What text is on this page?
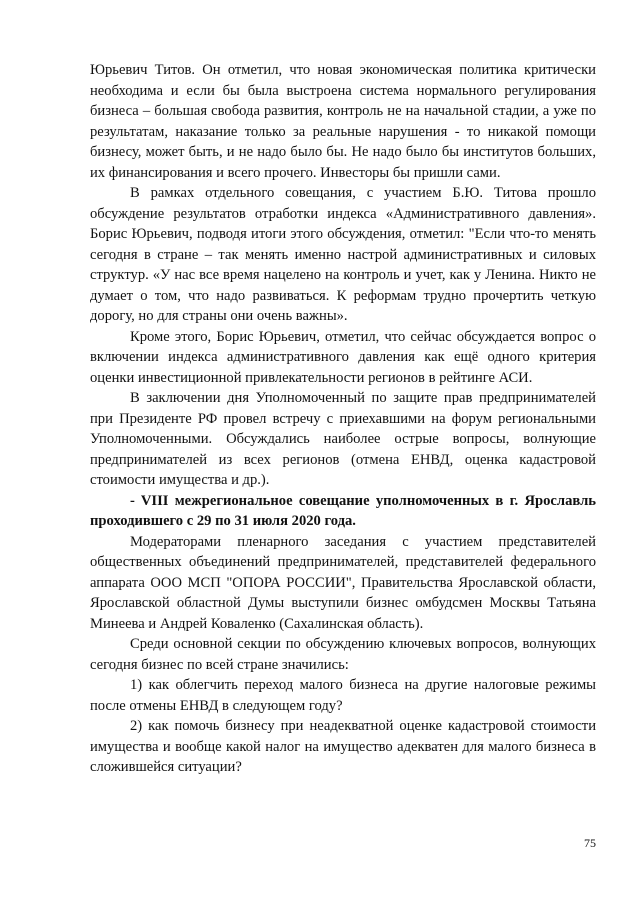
Юрьевич Титов. Он отметил, что новая экономическая политика критически необходима и если бы была выстроена система нормального регулирования бизнеса – большая свобода развития, контроль не на начальной стадии, а уже по результатам, наказание только за реальные нарушения - то никакой помощи бизнесу, может быть, и не надо было бы. Не надо было бы институтов больших, их финансирования и всего прочего. Инвесторы бы пришли сами.

В рамках отдельного совещания, с участием Б.Ю. Титова прошло обсуждение результатов отработки индекса «Административного давления». Борис Юрьевич, подводя итоги этого обсуждения, отметил: "Если что-то менять сегодня в стране – так менять именно настрой административных и силовых структур. «У нас все время нацелено на контроль и учет, как у Ленина. Никто не думает о том, что надо развиваться. К реформам трудно прочертить четкую дорогу, но для страны они очень важны».

Кроме этого, Борис Юрьевич, отметил, что сейчас обсуждается вопрос о включении индекса административного давления как ещё одного критерия оценки инвестиционной привлекательности регионов в рейтинге АСИ.

В заключении дня Уполномоченный по защите прав предпринимателей при Президенте РФ провел встречу с приехавшими на форум региональными Уполномоченными. Обсуждались наиболее острые вопросы, волнующие предпринимателей из всех регионов (отмена ЕНВД, оценка кадастровой стоимости имущества и др.).

- VIII межрегиональное совещание уполномоченных в г. Ярославль проходившего с 29 по 31 июля 2020 года.

Модераторами пленарного заседания с участием представителей общественных объединений предпринимателей, представителей федерального аппарата ООО МСП "ОПОРА РОССИИ", Правительства Ярославской области, Ярославской областной Думы выступили бизнес омбудсмен Москвы Татьяна Минеева и Андрей Коваленко (Сахалинская область).

Среди основной секции по обсуждению ключевых вопросов, волнующих сегодня бизнес по всей стране значились:

1) как облегчить переход малого бизнеса на другие налоговые режимы после отмены ЕНВД в следующем году?

2) как помочь бизнесу при неадекватной оценке кадастровой стоимости имущества и вообще какой налог на имущество адекватен для малого бизнеса в сложившейся ситуации?

75
